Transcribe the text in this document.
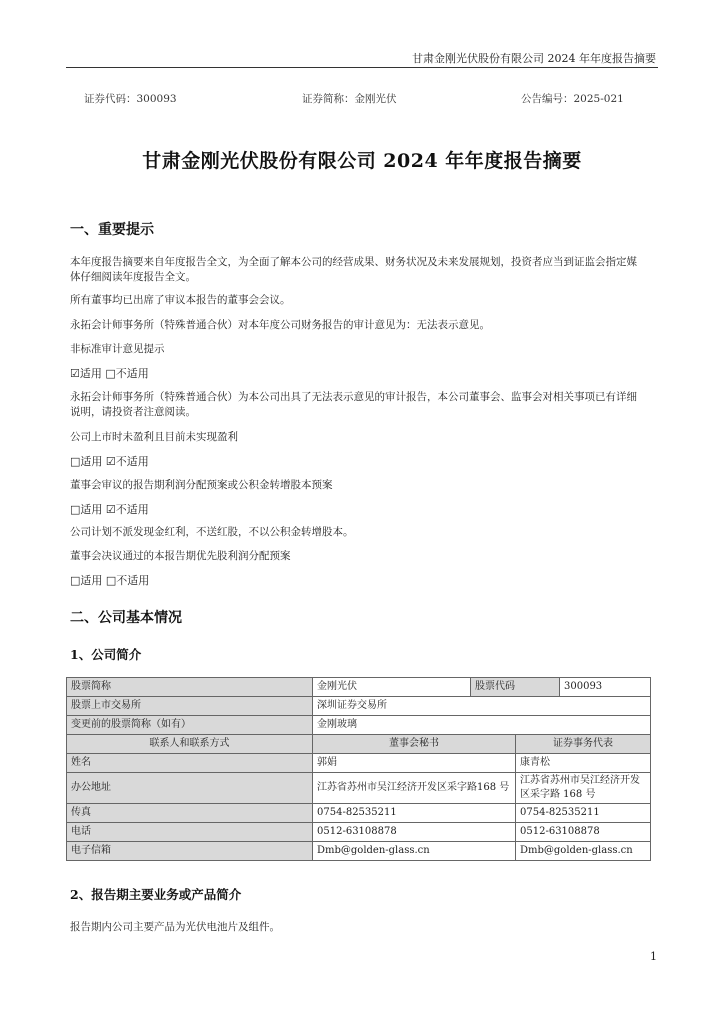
甘肃金刚光伏股份有限公司 2024 年年度报告摘要
证券代码：300093	证券简称：金刚光伏	公告编号：2025-021
甘肃金刚光伏股份有限公司 2024 年年度报告摘要
一、重要提示

本年度报告摘要来自年度报告全文，为全面了解本公司的经营成果、财务状况及未来发展规划，投资者应当到证监会指定媒体仔细阅读年度报告全文。

所有董事均已出席了审议本报告的董事会会议。

永拓会计师事务所（特殊普通合伙）对本年度公司财务报告的审计意见为：无法表示意见。

非标准审计意见提示

☑适用 □不适用

永拓会计师事务所（特殊普通合伙）为本公司出具了无法表示意见的审计报告，本公司董事会、监事会对相关事项已有详细说明，请投资者注意阅读。

公司上市时未盈利且目前未实现盈利

□适用 ☑不适用

董事会审议的报告期利润分配预案或公积金转增股本预案

□适用 ☑不适用

公司计划不派发现金红利，不送红股，不以公积金转增股本。

董事会决议通过的本报告期优先股利润分配预案

□适用 □不适用

二、公司基本情况
1、公司简介
股票简称	金刚光伏	股票代码		300093
股票上市交易所	深圳证券交易所			
变更前的股票简称（如有）	金刚玻璃			
联系人和联系方式	董事会秘书		证券事务代表	
姓名	郭娟		康青松	
办公地址	江苏省苏州市吴江经济开发区采字路168 号		江苏省苏州市吴江经济开发区采字路 168 号	
传真	0754-82535211		0754-82535211	
电话	0512-63108878		0512-63108878	
电子信箱	Dmb@golden-glass.cn		Dmb@golden-glass.cn	
2、报告期主要业务或产品简介

报告期内公司主要产品为光伏电池片及组件。

1
